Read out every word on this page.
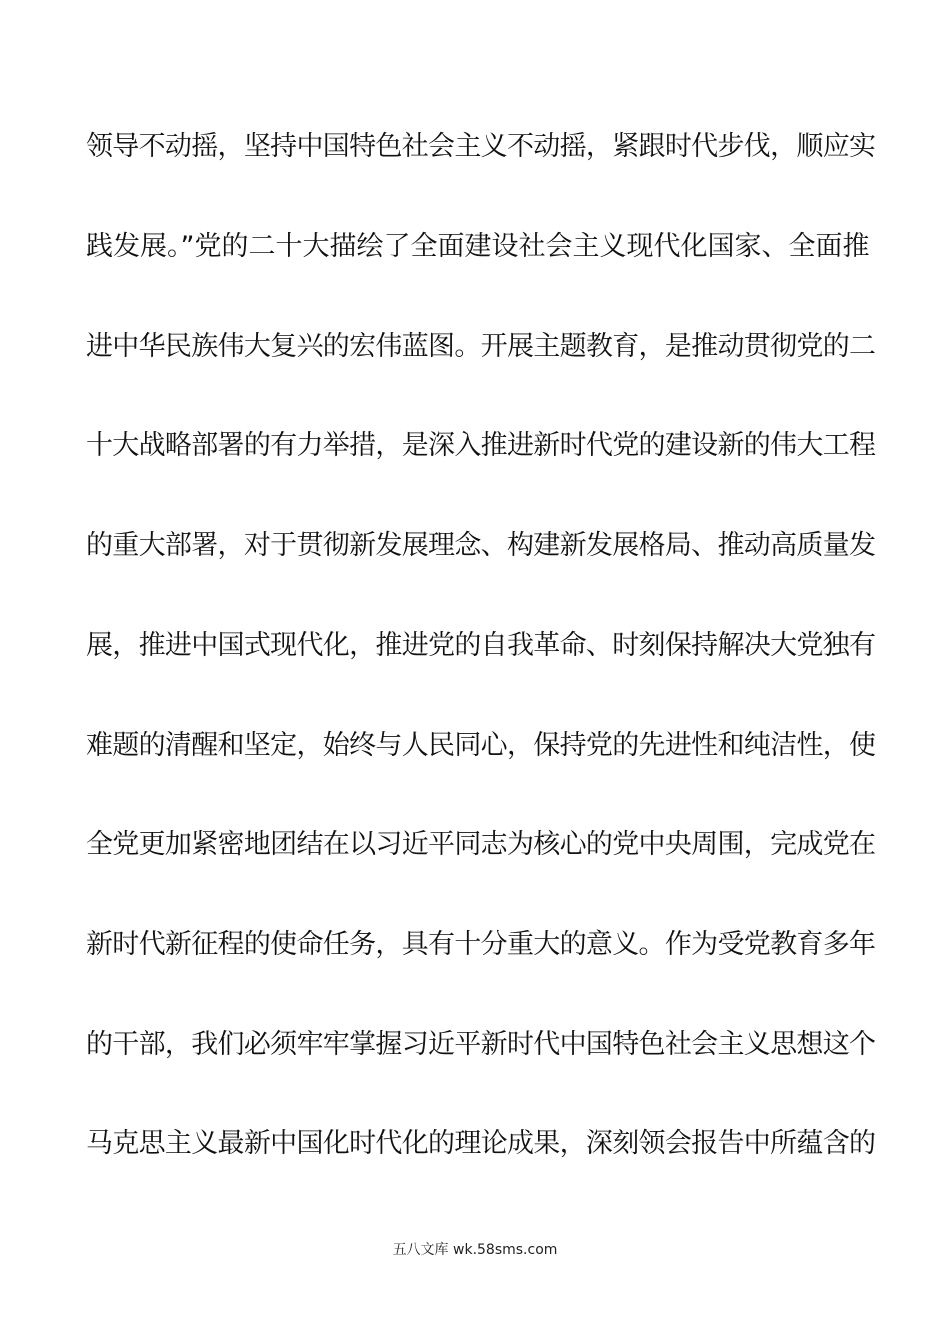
领导不动摇，坚持中国特色社会主义不动摇，紧跟时代步伐，顺应实
践发展。”党的二十大描绘了全面建设社会主义现代化国家、全面推
进中华民族伟大复兴的宏伟蓝图。开展主题教育，是推动贯彻党的二
十大战略部署的有力举措，是深入推进新时代党的建设新的伟大工程
的重大部署，对于贯彻新发展理念、构建新发展格局、推动高质量发
展，推进中国式现代化，推进党的自我革命、时刻保持解决大党独有
难题的清醒和坚定，始终与人民同心，保持党的先进性和纯洁性，使
全党更加紧密地团结在以习近平同志为核心的党中央周围，完成党在
新时代新征程的使命任务，具有十分重大的意义。作为受党教育多年
的干部，我们必须牢牢掌握习近平新时代中国特色社会主义思想这个
马克思主义最新中国化时代化的理论成果，深刻领会报告中所蕴含的
五八文库 wk.58sms.com
